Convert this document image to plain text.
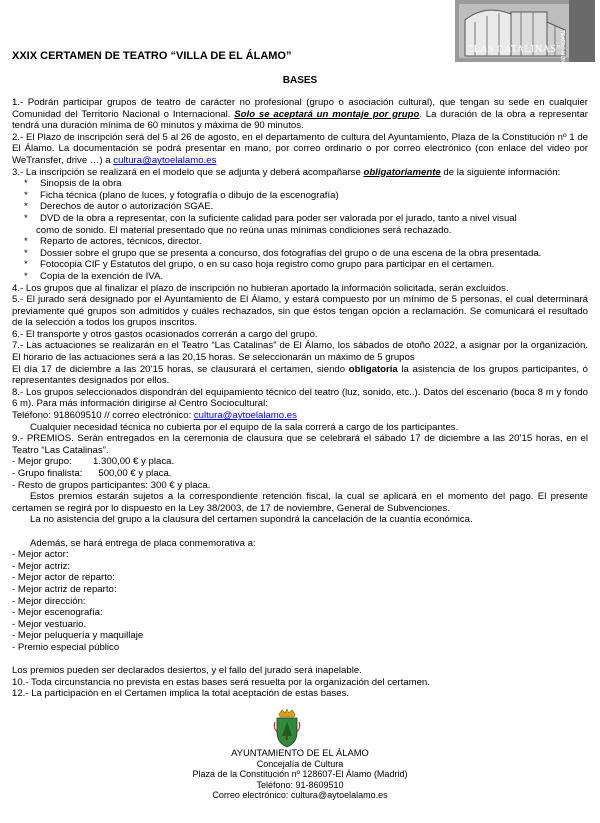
"LAS CATALINAS"
TEATRO MUNICIPAL
XXIX CERTAMEN DE TEATRO “VILLA DE EL ÁLAMO”
BASES

1.- Podrán participar grupos de teatro de carácter no profesional (grupo o asociación cultural), que tengan su sede en cualquier Comunidad del Territorio Nacional o Internacional. Solo se aceptará un montaje por grupo. La duración de la obra a representar tendrá una duración mínima de 60 minutos y máxima de 90 minutos.

2.- El Plazo de inscripción será del 5 al 26 de agosto, en el departamento de cultura del Ayuntamiento, Plaza de la Constitución nº 1 de El Álamo. La documentación se podrá presentar en mano, por correo ordinario o por correo electrónico (con enlace del video por WeTransfer, drive …) a cultura@aytoelalamo.es

3.- La inscripción se realizará en el modelo que se adjunta y deberá acompañarse obligatoriamente de la siguiente información:

*	Sinopsis de la obra
*	Ficha técnica (plano de luces, y fotografía o dibujo de la escenografía)
*	Derechos de autor o autorización SGAE.
*	DVD de la obra a representar, con la suficiente calidad para poder ser valorada por el jurado, tanto a nivel visual

como de sonido. El material presentado que no reúna unas mínimas condiciones será rechazado.

*	Reparto de actores, técnicos, director.
*	Dossier sobre el grupo que se presenta a concurso, dos fotografías del grupo o de una escena de la obra presentada.
*	Fotocopia CIF y Estatutos del grupo, o en su caso hoja registro como grupo para participar en el certamen.
*	Copia de la exención de IVA.

4.- Los grupos que al finalizar el plazo de inscripción no hubieran aportado la información solicitada, serán excluidos.

5.- El jurado será designado por el Ayuntamiento de El Álamo, y estará compuesto por un mínimo de 5 personas, el cual determinará previamente qué grupos son admitidos y cuáles rechazados, sin que éstos tengan opción a reclamación. Se comunicará el resultado de la selección a todos los grupos inscritos.

6.- El transporte y otros gastos ocasionados correrán a cargo del grupo.

7.- Las actuaciones se realizarán en el Teatro “Las Catalinas” de El Álamo, los sábados de otoño 2022, a asignar por la organización. El horario de las actuaciones será a las 20,15 horas. Se seleccionarán un máximo de 5 grupos

El día 17 de diciembre a las 20’15 horas, se clausurará el certamen, siendo obligatoria la asistencia de los grupos participantes, ó representantes designados por ellos.

8.- Los grupos seleccionados dispondrán del equipamiento técnico del teatro (luz, sonido, etc..). Datos del escenario (boca 8 m y fondo 6 m). Para más información dirigirse al Centro Sociocultural:

Teléfono: 918609510 // correo electrónico: cultura@aytoelalamo.es

Cualquier necesidad técnica no cubierta por el equipo de la sala correrá a cargo de los participantes.

9.- PREMIOS. Serán entregados en la ceremonia de clausura que se celebrará el sábado 17 de diciembre a las 20’15 horas, en el Teatro “Las Catalinas”.

- Mejor grupo:        1.300,00 € y placa.

- Grupo finalista:      500,00 € y placa.

- Resto de grupos participantes: 300 € y placa.

Estos premios estarán sujetos a la correspondiente retención fiscal, la cual se aplicará en el momento del pago. El presente certamen se regirá por lo dispuesto en la Ley 38/2003, de 17 de noviembre, General de Subvenciones.

La no asistencia del grupo a la clausura del certamen supondrá la cancelación de la cuantía económica.

Además, se hará entrega de placa conmemorativa a:

- Mejor actor:

- Mejor actriz:

- Mejor actor de reparto:

- Mejor actriz de reparto:

- Mejor dirección:

- Mejor escenografía:

- Mejor vestuario.

- Mejor peluquería y maquillaje

- Premio especial público

Los premios pueden ser declarados desiertos, y el fallo del jurado será inapelable.

10.- Toda circunstancia no prevista en estas bases será resuelta por la organización del certamen.

12.- La participación en el Certamen implica la total aceptación de estas bases.

AYUNTAMIENTO DE EL ÁLAMO
Concejalía de Cultura
Plaza de la Constitución nº 128607-El Álamo (Madrid)
Teléfono: 91-8609510
Correo electrónico: cultura@aytoelalamo.es
